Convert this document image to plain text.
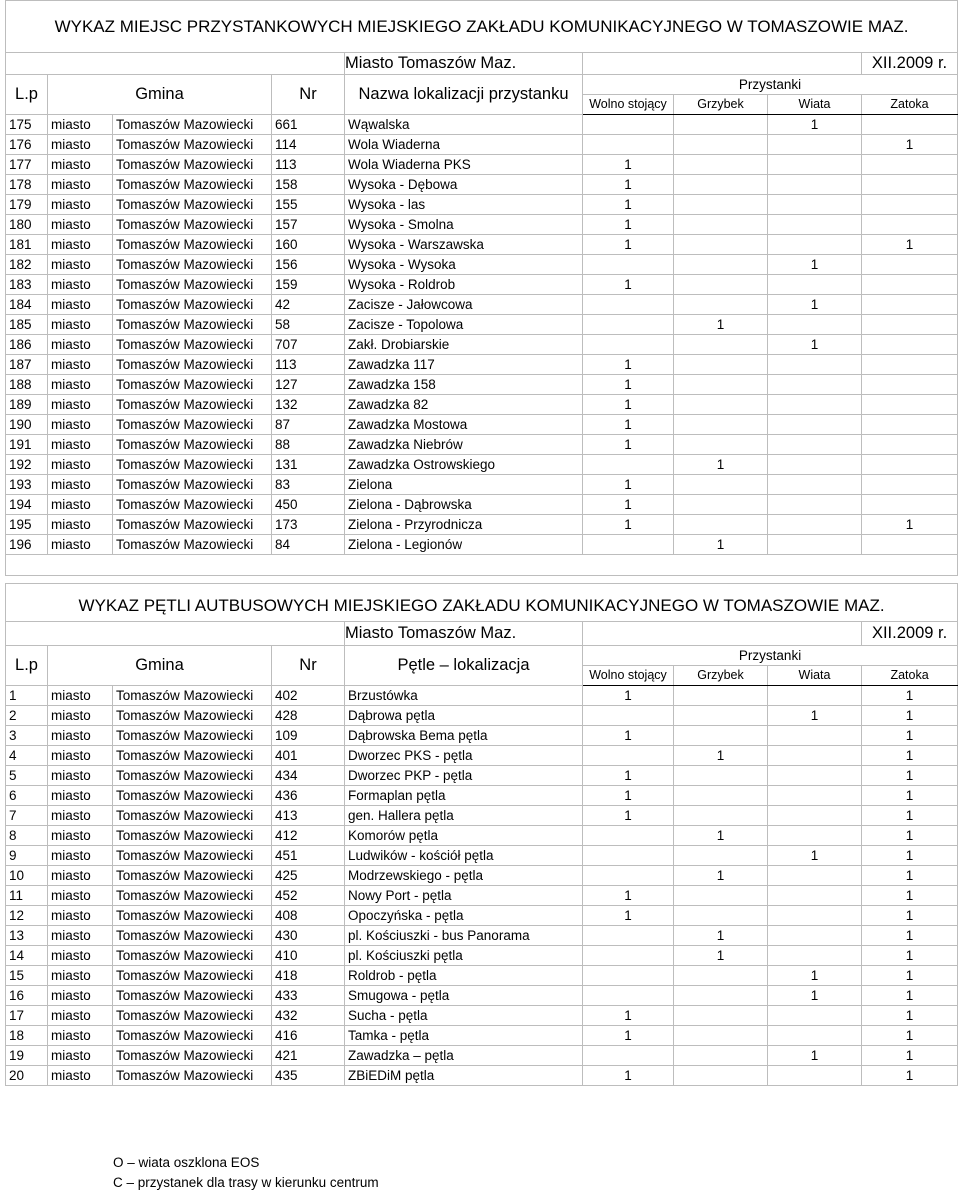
WYKAZ MIEJSC PRZYSTANKOWYCH MIEJSKIEGO ZAKŁADU KOMUNIKACYJNEGO W TOMASZOWIE MAZ.								
				Miasto Tomaszów Maz.				XII.2009 r.
L.p	Gmina		Nr	Nazwa lokalizacji przystanku	Przystanki			
					Wolno stojący	Grzybek	Wiata	Zatoka
175	miasto	Tomaszów Mazowiecki	661	Wąwalska			1	
176	miasto	Tomaszów Mazowiecki	114	Wola Wiaderna				1
177	miasto	Tomaszów Mazowiecki	113	Wola Wiaderna PKS	1			
178	miasto	Tomaszów Mazowiecki	158	Wysoka - Dębowa	1			
179	miasto	Tomaszów Mazowiecki	155	Wysoka - las	1			
180	miasto	Tomaszów Mazowiecki	157	Wysoka - Smolna	1			
181	miasto	Tomaszów Mazowiecki	160	Wysoka - Warszawska	1			1
182	miasto	Tomaszów Mazowiecki	156	Wysoka - Wysoka			1	
183	miasto	Tomaszów Mazowiecki	159	Wysoka - Roldrob	1			
184	miasto	Tomaszów Mazowiecki	42	Zacisze - Jałowcowa			1	
185	miasto	Tomaszów Mazowiecki	58	Zacisze - Topolowa		1		
186	miasto	Tomaszów Mazowiecki	707	Zakł. Drobiarskie			1	
187	miasto	Tomaszów Mazowiecki	113	Zawadzka 117	1			
188	miasto	Tomaszów Mazowiecki	127	Zawadzka 158	1			
189	miasto	Tomaszów Mazowiecki	132	Zawadzka 82	1			
190	miasto	Tomaszów Mazowiecki	87	Zawadzka Mostowa	1			
191	miasto	Tomaszów Mazowiecki	88	Zawadzka Niebrów	1			
192	miasto	Tomaszów Mazowiecki	131	Zawadzka Ostrowskiego		1		
193	miasto	Tomaszów Mazowiecki	83	Zielona	1			
194	miasto	Tomaszów Mazowiecki	450	Zielona - Dąbrowska	1			
195	miasto	Tomaszów Mazowiecki	173	Zielona - Przyrodnicza	1			1
196	miasto	Tomaszów Mazowiecki	84	Zielona - Legionów		1		

WYKAZ PĘTLI AUTBUSOWYCH MIEJSKIEGO ZAKŁADU KOMUNIKACYJNEGO W TOMASZOWIE MAZ.								
				Miasto Tomaszów Maz.				XII.2009 r.
L.p	Gmina		Nr	Pętle – lokalizacja	Przystanki			
					Wolno stojący	Grzybek	Wiata	Zatoka
1	miasto	Tomaszów Mazowiecki	402	Brzustówka	1			1
2	miasto	Tomaszów Mazowiecki	428	Dąbrowa pętla			1	1
3	miasto	Tomaszów Mazowiecki	109	Dąbrowska Bema pętla	1			1
4	miasto	Tomaszów Mazowiecki	401	Dworzec PKS - pętla		1		1
5	miasto	Tomaszów Mazowiecki	434	Dworzec PKP - pętla	1			1
6	miasto	Tomaszów Mazowiecki	436	Formaplan pętla	1			1
7	miasto	Tomaszów Mazowiecki	413	gen. Hallera pętla	1			1
8	miasto	Tomaszów Mazowiecki	412	Komorów pętla		1		1
9	miasto	Tomaszów Mazowiecki	451	Ludwików - kościół pętla			1	1
10	miasto	Tomaszów Mazowiecki	425	Modrzewskiego - pętla		1		1
11	miasto	Tomaszów Mazowiecki	452	Nowy Port - pętla	1			1
12	miasto	Tomaszów Mazowiecki	408	Opoczyńska - pętla	1			1
13	miasto	Tomaszów Mazowiecki	430	pl. Kościuszki - bus Panorama		1		1
14	miasto	Tomaszów Mazowiecki	410	pl. Kościuszki pętla		1		1
15	miasto	Tomaszów Mazowiecki	418	Roldrob - pętla			1	1
16	miasto	Tomaszów Mazowiecki	433	Smugowa - pętla			1	1
17	miasto	Tomaszów Mazowiecki	432	Sucha - pętla	1			1
18	miasto	Tomaszów Mazowiecki	416	Tamka - pętla	1			1
19	miasto	Tomaszów Mazowiecki	421	Zawadzka – pętla			1	1
20	miasto	Tomaszów Mazowiecki	435	ZBiEDiM pętla	1			1
O – wiata oszklona EOS
C – przystanek dla trasy w kierunku centrum
